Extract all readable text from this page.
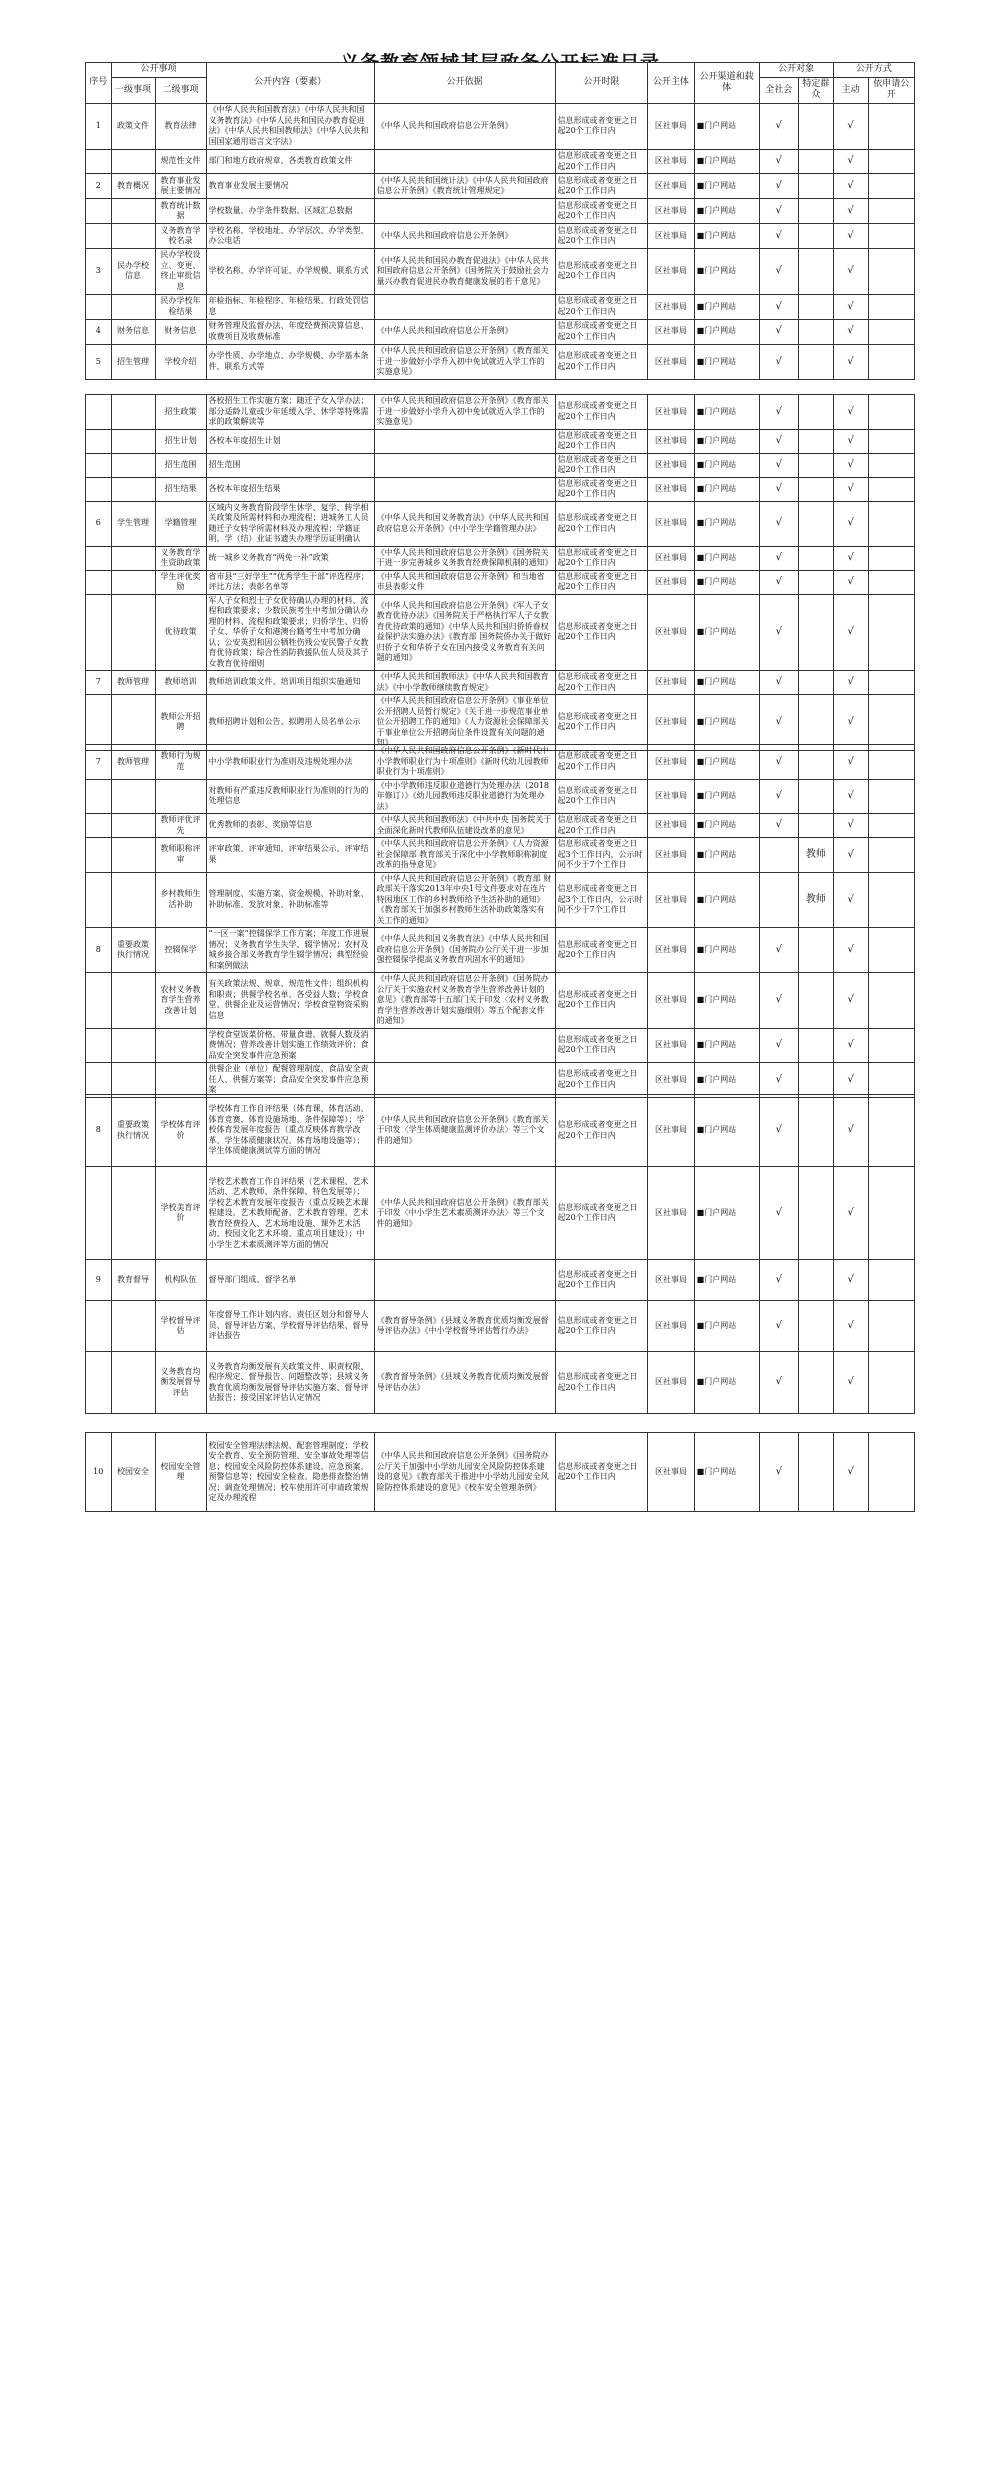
序号	公开事项		公开内容（要素）	公开依据	公开时限	公开主体	公开渠道和载体	公开对象		公开方式	
	一级事项	二级事项						全社会	特定群众	主动	依申请公开
1	政策文件	教育法律	《中华人民共和国教育法》《中华人民共和国义务教育法》《中华人民共和国民办教育促进法》《中华人民共和国教师法》《中华人民共和国国家通用语言文字法》	《中华人民共和国政府信息公开条例》	信息形成或者变更之日起20个工作日内	区社事局	■门户网站	√		√	
		规范性文件	部门和地方政府规章、各类教育政策文件		信息形成或者变更之日起20个工作日内	区社事局	■门户网站	√		√	
2	教育概况	教育事业发展主要情况	教育事业发展主要情况	《中华人民共和国统计法》《中华人民共和国政府信息公开条例》《教育统计管理规定》	信息形成或者变更之日起20个工作日内	区社事局	■门户网站	√		√	
		教育统计数据	学校数量、办学条件数据、区域汇总数据		信息形成或者变更之日起20个工作日内	区社事局	■门户网站	√		√	
		义务教育学校名录	学校名称、学校地址、办学层次、办学类型、办公电话	《中华人民共和国政府信息公开条例》	信息形成或者变更之日起20个工作日内	区社事局	■门户网站	√		√	
3	民办学校信息	民办学校设立、变更、终止审批信息	学校名称、办学许可证、办学规模、联系方式	《中华人民共和国民办教育促进法》《中华人民共和国政府信息公开条例》《国务院关于鼓励社会力量兴办教育促进民办教育健康发展的若干意见》	信息形成或者变更之日起20个工作日内	区社事局	■门户网站	√		√	
		民办学校年检结果	年检指标、年检程序、年检结果、行政处罚信息		信息形成或者变更之日起20个工作日内	区社事局	■门户网站	√		√	
4	财务信息	财务信息	财务管理及监督办法、年度经费预决算信息、收费项目及收费标准	《中华人民共和国政府信息公开条例》	信息形成或者变更之日起20个工作日内	区社事局	■门户网站	√		√	
5	招生管理	学校介绍	办学性质、办学地点、办学规模、办学基本条件、联系方式等	《中华人民共和国政府信息公开条例》《教育部关于进一步做好小学升入初中免试就近入学工作的实施意见》	信息形成或者变更之日起20个工作日内	区社事局	■门户网站	√		√	
		招生政策	各校招生工作实施方案；随迁子女入学办法；部分适龄儿童或少年延缓入学、休学等特殊需求的政策解读等	《中华人民共和国政府信息公开条例》《教育部关于进一步做好小学升入初中免试就近入学工作的实施意见》	信息形成或者变更之日起20个工作日内	区社事局	■门户网站	√		√	
		招生计划	各校本年度招生计划		信息形成或者变更之日起20个工作日内	区社事局	■门户网站	√		√	
		招生范围	招生范围		信息形成或者变更之日起20个工作日内	区社事局	■门户网站	√		√	
		招生结果	各校本年度招生结果		信息形成或者变更之日起20个工作日内	区社事局	■门户网站	√		√	
6	学生管理	学籍管理	区域内义务教育阶段学生休学、复学、转学相关政策及所需材料和办理流程；进城务工人员随迁子女转学所需材料及办理流程；学籍证明、学（结）业证书遗失办理学历证明确认	《中华人民共和国义务教育法》《中华人民共和国政府信息公开条例》《中小学生学籍管理办法》	信息形成或者变更之日起20个工作日内	区社事局	■门户网站	√		√	
		义务教育学生资助政策	统一城乡义务教育“两免一补”政策	《中华人民共和国政府信息公开条例》《国务院关于进一步完善城乡义务教育经费保障机制的通知》	信息形成或者变更之日起20个工作日内	区社事局	■门户网站	√		√	
		学生评优奖励	省市县“三好学生”“优秀学生干部”评选程序；评比方法；表彰名单等	《中华人民共和国政府信息公开条例》和当地省市县表彰文件	信息形成或者变更之日起20个工作日内	区社事局	■门户网站	√		√	
		优待政策	军人子女和烈士子女优待确认办理的材料、流程和政策要求；少数民族考生中考加分确认办理的材料、流程和政策要求；归侨学生、归侨子女、华侨子女和港澳台籍考生中考加分确认；公安英烈和因公牺牲伤残公安民警子女教育优待政策；综合性消防救援队伍人员及其子女教育优待细则	《中华人民共和国政府信息公开条例》《军人子女教育优待办法》《国务院关于严格执行军人子女教育优待政策的通知》《中华人民共和国归侨侨眷权益保护法实施办法》《教育部 国务院侨办关于做好归侨子女和华侨子女在国内接受义务教育有关问题的通知》	信息形成或者变更之日起20个工作日内	区社事局	■门户网站	√		√	
7	教师管理	教师培训	教师培训政策文件、培训项目组织实施通知	《中华人民共和国教师法》《中华人民共和国教育法》《中小学教师继续教育规定》	信息形成或者变更之日起20个工作日内	区社事局	■门户网站	√		√	
		教师公开招聘	教师招聘计划和公告、拟聘用人员名单公示	《中华人民共和国政府信息公开条例》《事业单位公开招聘人员暂行规定》《关于进一步规范事业单位公开招聘工作的通知》《人力资源社会保障部关于事业单位公开招聘岗位条件设置有关问题的通知》	信息形成或者变更之日起20个工作日内	区社事局	■门户网站	√		√	
7	教师管理	教师行为规范	中小学教师职业行为准则及违规处理办法	《中华人民共和国政府信息公开条例》《新时代中小学教师职业行为十项准则》《新时代幼儿园教师职业行为十项准则》	信息形成或者变更之日起20个工作日内	区社事局	■门户网站	√		√	
			对教师有严重违反教师职业行为准则的行为的处理信息	《中小学教师违反职业道德行为处理办法（2018年修订）》《幼儿园教师违反职业道德行为处理办法》	信息形成或者变更之日起20个工作日内	区社事局	■门户网站	√		√	
		教师评优评先	优秀教师的表彰、奖励等信息	《中华人民共和国教师法》《中共中央 国务院关于全面深化新时代教师队伍建设改革的意见》	信息形成或者变更之日起20个工作日内	区社事局	■门户网站	√		√	
		教师职称评审	评审政策、评审通知、评审结果公示、评审结果	《中华人民共和国政府信息公开条例》《人力资源社会保障部 教育部关于深化中小学教师职称制度改革的指导意见》	信息形成或者变更之日起3个工作日内，公示时间不少于7个工作日	区社事局	■门户网站		教师	√	
		乡村教师生活补助	管理制度、实施方案、资金规模、补助对象、补助标准、发放对象、补助标准等	《中华人民共和国政府信息公开条例》《教育部 财政部关于落实2013年中央1号文件要求对在连片特困地区工作的乡村教师给予生活补助的通知》《教育部关于加强乡村教师生活补助政策落实有关工作的通知》	信息形成或者变更之日起3个工作日内，公示时间不少于7个工作日	区社事局	■门户网站		教师	√	
8	重要政策执行情况	控辍保学	“一区一案”控辍保学工作方案；年度工作进展情况；义务教育学生失学、辍学情况；农村及城乡接合部义务教育学生辍学情况；典型经验和案例做法	《中华人民共和国义务教育法》《中华人民共和国政府信息公开条例》《国务院办公厅关于进一步加强控辍保学提高义务教育巩固水平的通知》	信息形成或者变更之日起20个工作日内	区社事局	■门户网站	√		√	
		农村义务教育学生营养改善计划	有关政策法规、规章、规范性文件；组织机构和职责；供餐学校名单、各受益人数；学校食堂、供餐企业及运营情况；学校食堂物资采购信息	《中华人民共和国政府信息公开条例》《国务院办公厅关于实施农村义务教育学生营养改善计划的意见》《教育部等十五部门关于印发〈农村义务教育学生营养改善计划实施细则〉等五个配套文件的通知》	信息形成或者变更之日起20个工作日内	区社事局	■门户网站	√		√	
			学校食堂饭菜价格、带量食谱、就餐人数及消费情况；营养改善计划实施工作绩效评价；食品安全突发事件应急预案		信息形成或者变更之日起20个工作日内	区社事局	■门户网站	√		√	
			供餐企业（单位）配餐管理制度、食品安全责任人、供餐方案等；食品安全突发事件应急预案		信息形成或者变更之日起20个工作日内	区社事局	■门户网站	√		√	
8	重要政策执行情况	学校体育评价	学校体育工作自评结果（体育课、体育活动、体育竞赛、体育设施场地、条件保障等）；学校体育发展年度报告（重点反映体育教学改革、学生体质健康状况、体育场地设施等）；学生体质健康测试等方面的情况	《中华人民共和国政府信息公开条例》《教育部关于印发〈学生体质健康监测评价办法〉等三个文件的通知》	信息形成或者变更之日起20个工作日内	区社事局	■门户网站	√		√	
		学校美育评价	学校艺术教育工作自评结果（艺术课程、艺术活动、艺术教师、条件保障、特色发展等）；学校艺术教育发展年度报告（重点反映艺术课程建设、艺术教师配备、艺术教育管理、艺术教育经费投入、艺术场地设施、课外艺术活动、校园文化艺术环境、重点项目建设）；中小学生艺术素质测评等方面的情况	《中华人民共和国政府信息公开条例》《教育部关于印发〈中小学生艺术素质测评办法〉等三个文件的通知》	信息形成或者变更之日起20个工作日内	区社事局	■门户网站	√		√	
9	教育督导	机构队伍	督导部门组成、督学名单		信息形成或者变更之日起20个工作日内	区社事局	■门户网站	√		√	
		学校督导评估	年度督导工作计划内容、责任区划分和督导人员、督导评估方案、学校督导评估结果、督导评估报告	《教育督导条例》《县域义务教育优质均衡发展督导评估办法》《中小学校督导评估暂行办法》	信息形成或者变更之日起20个工作日内	区社事局	■门户网站	√		√	
		义务教育均衡发展督导评估	义务教育均衡发展有关政策文件、职责权限、程序规定、督导报告、问题整改等；县域义务教育优质均衡发展督导评估实施方案、督导评估报告；接受国家评估认定情况	《教育督导条例》《县域义务教育优质均衡发展督导评估办法》	信息形成或者变更之日起20个工作日内	区社事局	■门户网站	√		√	
10	校园安全	校园安全管理	校园安全管理法律法规、配套管理制度；学校安全教育、安全预防管理、安全事故处理等信息；校园安全风险防控体系建设、应急预案、预警信息等；校园安全检查、隐患排查整治情况；调查处理情况；校车使用许可申请政策规定及办理流程	《中华人民共和国政府信息公开条例》《国务院办公厅关于加强中小学幼儿园安全风险防控体系建设的意见》《教育部关于推进中小学幼儿园安全风险防控体系建设的意见》《校车安全管理条例》	信息形成或者变更之日起20个工作日内	区社事局	■门户网站	√		√	
